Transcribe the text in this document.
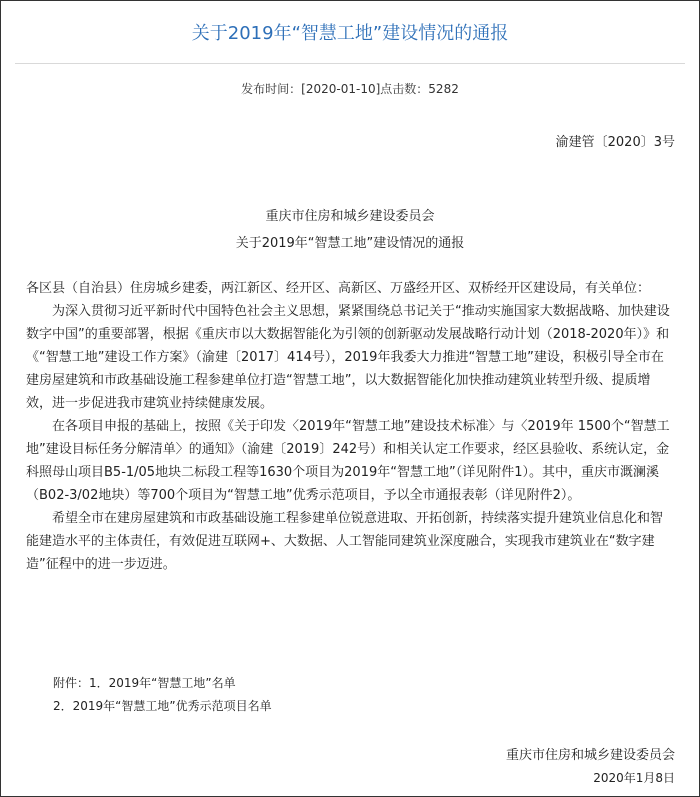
关于2019年“智慧工地”建设情况的通报
发布时间：[2020-01-10]点击数：5282
渝建管〔2020〕3号
重庆市住房和城乡建设委员会
关于2019年“智慧工地”建设情况的通报

各区县（自治县）住房城乡建委，两江新区、经开区、高新区、万盛经开区、双桥经开区建设局，有关单位：

为深入贯彻习近平新时代中国特色社会主义思想，紧紧围绕总书记关于“推动实施国家大数据战略、加快建设数字中国”的重要部署，根据《重庆市以大数据智能化为引领的创新驱动发展战略行动计划（2018-2020年）》和《“智慧工地”建设工作方案》（渝建〔2017〕414号），2019年我委大力推进“智慧工地”建设，积极引导全市在建房屋建筑和市政基础设施工程参建单位打造“智慧工地”，以大数据智能化加快推动建筑业转型升级、提质增效，进一步促进我市建筑业持续健康发展。

在各项目申报的基础上，按照《关于印发〈2019年“智慧工地”建设技术标准〉与〈2019年 1500个“智慧工地”建设目标任务分解清单〉的通知》（渝建〔2019〕242号）和相关认定工作要求，经区县验收、系统认定，金科照母山项目B5-1/05地块二标段工程等1630个项目为2019年“智慧工地”（详见附件1）。其中，重庆市溉澜溪（B02-3/02地块）等700个项目为“智慧工地”优秀示范项目，予以全市通报表彰（详见附件2）。

希望全市在建房屋建筑和市政基础设施工程参建单位锐意进取、开拓创新，持续落实提升建筑业信息化和智能建造水平的主体责任，有效促进互联网+、大数据、人工智能同建筑业深度融合，实现我市建筑业在“数字建造”征程中的进一步迈进。

附件：1．2019年“智慧工地”名单
2．2019年“智慧工地”优秀示范项目名单
重庆市住房和城乡建设委员会
2020年1月8日
